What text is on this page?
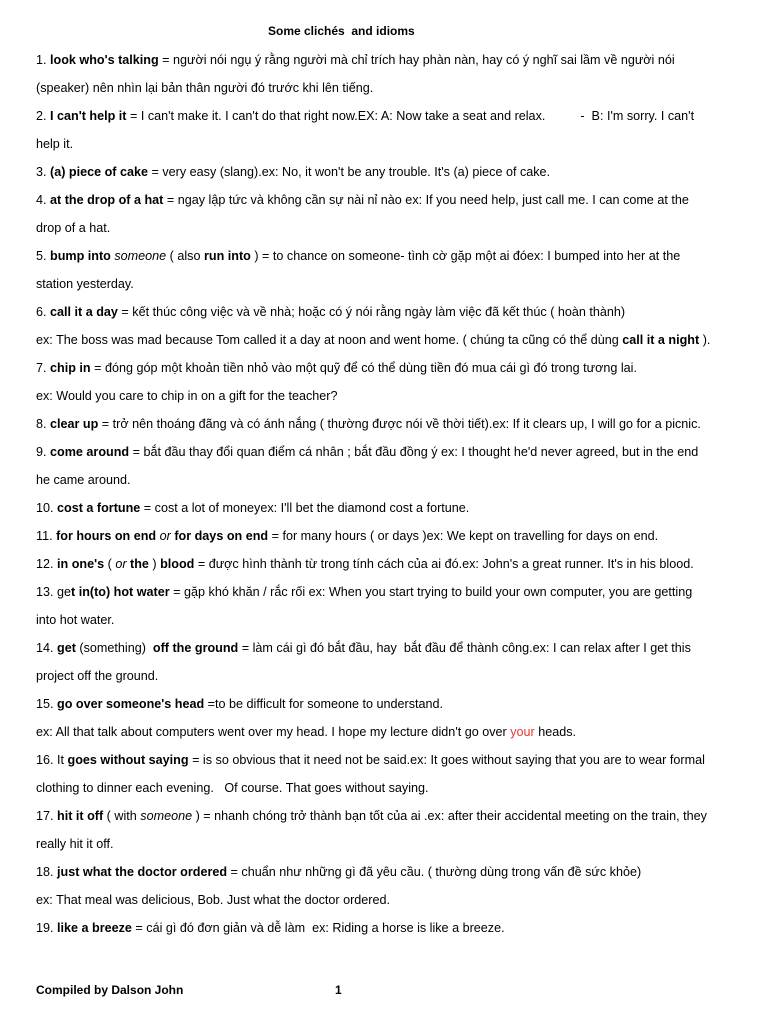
Some clichés  and idioms
1. look who's talking = người nói ngụ ý rằng người mà chỉ trích hay phàn nàn, hay có ý nghĩ sai lầm về người nói
(speaker) nên nhìn lại bản thân người đó trước khi lên tiếng.
2. I can't help it = I can't make it. I can't do that right now.EX: A: Now take a seat and relax.          -  B: I'm sorry. I can't
help it.
3. (a) piece of cake = very easy (slang).ex: No, it won't be any trouble. It's (a) piece of cake.
4. at the drop of a hat = ngay lập tức và không cần sự nài nỉ nào ex: If you need help, just call me. I can come at the
drop of a hat.
5. bump into someone ( also run into ) = to chance on someone- tình cờ gặp một ai đóex: I bumped into her at the
station yesterday.
6. call it a day = kết thúc công việc và về nhà; hoặc có ý nói rằng ngày làm việc đã kết thúc ( hoàn thành)
ex: The boss was mad because Tom called it a day at noon and went home. ( chúng ta cũng có thể dùng call it a night ).
7. chip in = đóng góp một khoản tiền nhỏ vào một quỹ để có thể dùng tiền đó mua cái gì đó trong tương lai.
ex: Would you care to chip in on a gift for the teacher?
8. clear up = trở nên thoáng đãng và có ánh nắng ( thường được nói về thời tiết).ex: If it clears up, I will go for a picnic.
9. come around = bắt đầu thay đổi quan điểm cá nhân ; bắt đầu đồng ý ex: I thought he'd never agreed, but in the end
he came around.
10. cost a fortune = cost a lot of moneyex: I'll bet the diamond cost a fortune.
11. for hours on end or for days on end = for many hours ( or days )ex: We kept on travelling for days on end.
12. in one's ( or the ) blood = được hình thành từ trong tính cách của ai đó.ex: John's a great runner. It's in his blood.
13. get in(to) hot water = gặp khó khăn / rắc rối ex: When you start trying to build your own computer, you are getting
into hot water.
14. get (something)  off the ground = làm cái gì đó bắt đầu, hay  bắt đầu để thành công.ex: I can relax after I get this
project off the ground.
15. go over someone's head =to be difficult for someone to understand.
ex: All that talk about computers went over my head. I hope my lecture didn't go over your heads.
16. It goes without saying = is so obvious that it need not be said.ex: It goes without saying that you are to wear formal
clothing to dinner each evening.   Of course. That goes without saying.
17. hit it off ( with someone ) = nhanh chóng trở thành bạn tốt của ai .ex: after their accidental meeting on the train, they
really hit it off.
18. just what the doctor ordered = chuẩn như những gì đã yêu cầu. ( thường dùng trong vấn đề sức khỏe)
ex: That meal was delicious, Bob. Just what the doctor ordered.
19. like a breeze = cái gì đó đơn giản và dễ làm  ex: Riding a horse is like a breeze.
Compiled by Dalson John	1
